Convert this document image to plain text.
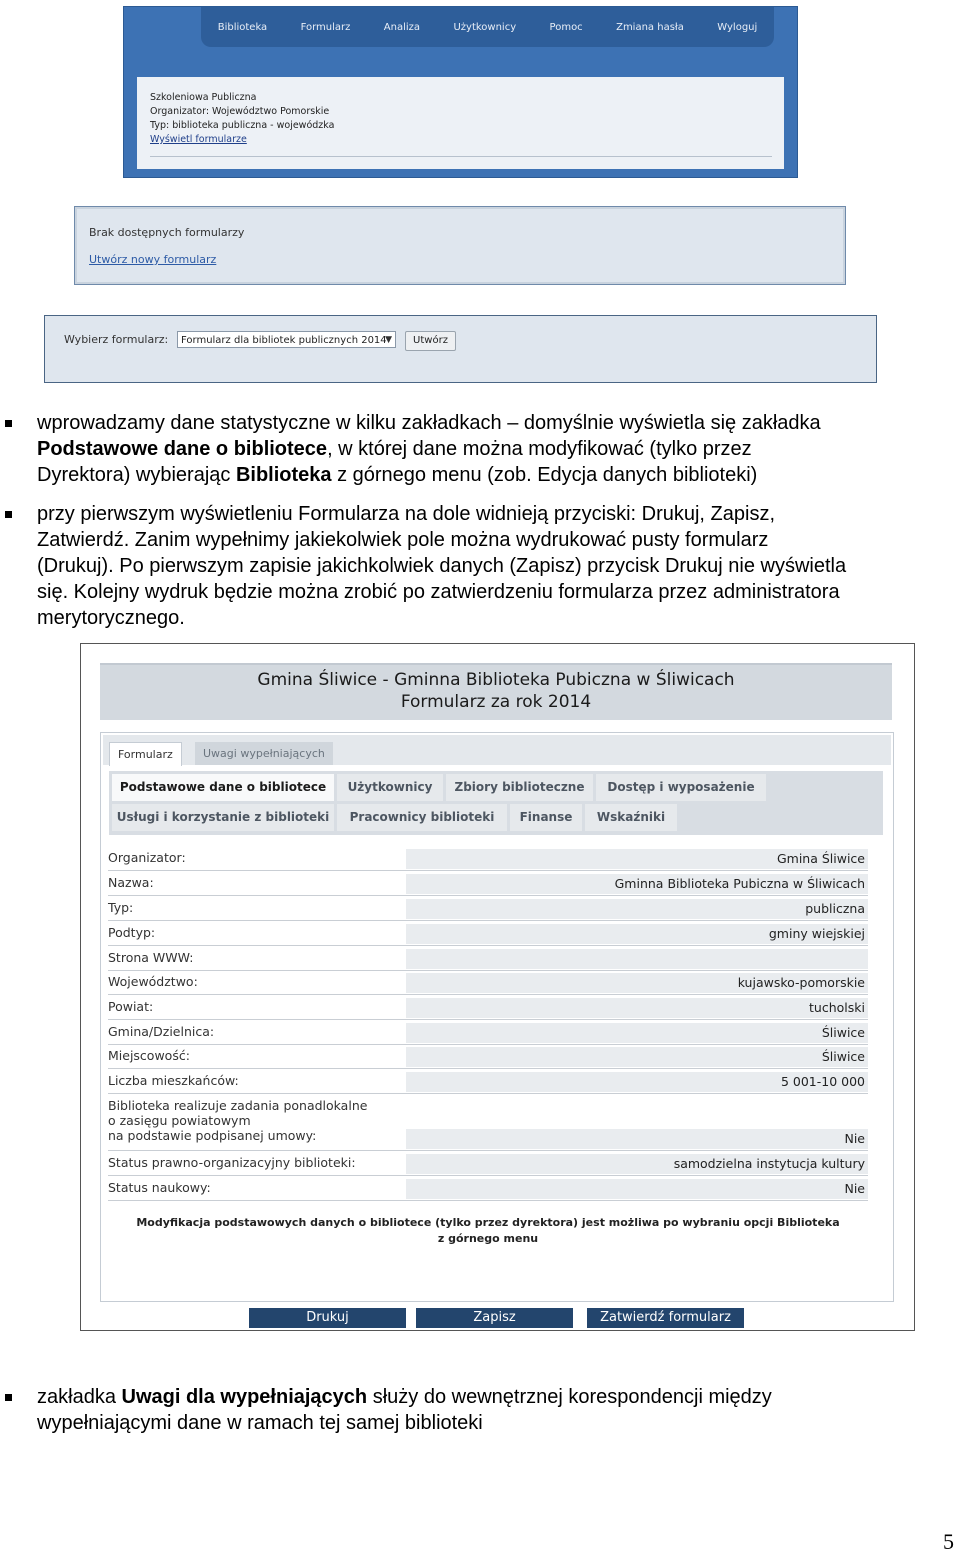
Biblioteka	Formularz	Analiza	Użytkownicy	Pomoc	Zmiana hasła	Wyloguj
Szkoleniowa Publiczna
Organizator: Województwo Pomorskie
Typ: biblioteka publiczna - wojewódzka
Wyświetl formularze
Brak dostępnych formularzy
Utwórz nowy formularz
Wybierz formularz:	Formularz dla bibliotek publicznych 2014
▼	Utwórz

wprowadzamy dane statystyczne w kilku zakładkach – domyślnie wyświetla się zakładka
Podstawowe dane o bibliotece, w której dane można modyfikować (tylko przez
Dyrektora) wybierając Biblioteka z górnego menu (zob. Edycja danych biblioteki)

przy pierwszym wyświetleniu Formularza na dole widnieją przyciski: Drukuj, Zapisz,
Zatwierdź. Zanim wypełnimy jakiekolwiek pole można wydrukować pusty formularz
(Drukuj). Po pierwszym zapisie jakichkolwiek danych (Zapisz) przycisk Drukuj nie wyświetla
się. Kolejny wydruk będzie można zrobić po zatwierdzeniu formularza przez administratora
merytorycznego.

Gmina Śliwice - Gminna Biblioteka Pubiczna w Śliwicach
Formularz za rok 2014
Formularz	Uwagi wypełniających
Podstawowe dane o bibliotece	Użytkownicy	Zbiory biblioteczne	Dostęp i wyposażenie
Usługi i korzystanie z biblioteki	Pracownicy biblioteki	Finanse	Wskaźniki
Organizator:	Gmina Śliwice
Nazwa:	Gminna Biblioteka Pubiczna w Śliwicach
Typ:	publiczna
Podtyp:	gminy wiejskiej
Strona WWW:
Województwo:	kujawsko-pomorskie
Powiat:	tucholski
Gmina/Dzielnica:	Śliwice
Miejscowość:	Śliwice
Liczba mieszkańców:	5 001-10 000
Biblioteka realizuje zadania ponadlokalne
o zasięgu powiatowym
na podstawie podpisanej umowy:	Nie
Status prawno-organizacyjny biblioteki:	samodzielna instytucja kultury
Status naukowy:	Nie
Modyfikacja podstawowych danych o bibliotece (tylko przez dyrektora) jest możliwa po wybraniu opcji Biblioteka
z górnego menu
Drukuj	Zapisz	Zatwierdź formularz

zakładka Uwagi dla wypełniających służy do wewnętrznej korespondencji między
wypełniającymi dane w ramach tej samej biblioteki

5
